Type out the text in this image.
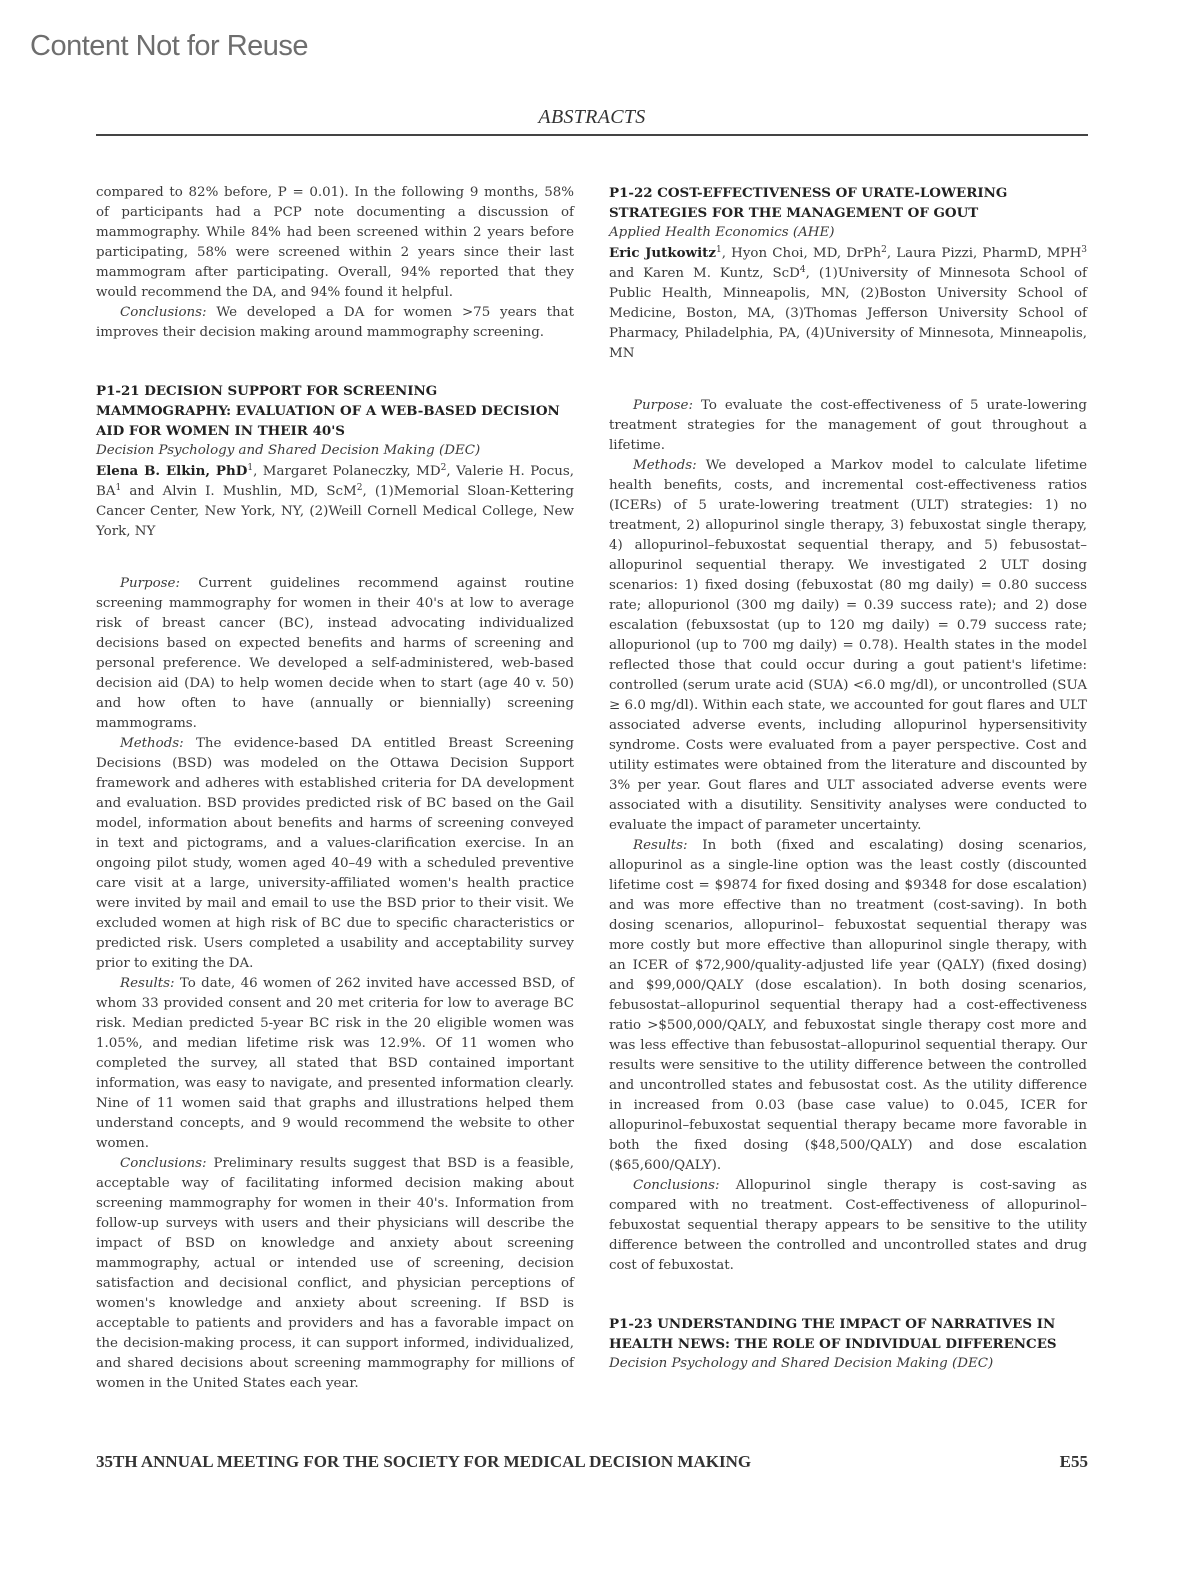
Content Not for Reuse
ABSTRACTS

compared to 82% before, P = 0.01). In the following 9 months, 58% of participants had a PCP note documenting a discussion of mammography. While 84% had been screened within 2 years before participating, 58% were screened within 2 years since their last mammogram after participating. Overall, 94% reported that they would recommend the DA, and 94% found it helpful.

Conclusions: We developed a DA for women >75 years that improves their decision making around mammography screening.

P1-21 DECISION SUPPORT FOR SCREENING MAMMOGRAPHY: EVALUATION OF A WEB-BASED DECISION AID FOR WOMEN IN THEIR 40'S

Decision Psychology and Shared Decision Making (DEC)

Elena B. Elkin, PhD$^1$, Margaret Polaneczky, $MD^2$, Valerie H. Pocus, $BA^1$ and Alvin I. Mushlin, MD, ScM$^2$, (1)Memorial Sloan-Kettering Cancer Center, New York, NY, (2)Weill Cornell Medical College, New York, NY

Purpose: Current guidelines recommend against routine screening mammography for women in their 40's at low to average risk of breast cancer (BC), instead advocating individualized decisions based on expected benefits and harms of screening and personal preference. We developed a self-administered, web-based decision aid (DA) to help women decide when to start (age 40 v. 50) and how often to have (annually or biennially) screening mammograms.

Methods: The evidence-based DA entitled Breast Screening Decisions (BSD) was modeled on the Ottawa Decision Support framework and adheres with established criteria for DA development and evaluation. BSD provides predicted risk of BC based on the Gail model, information about benefits and harms of screening conveyed in text and pictograms, and a values-clarification exercise. In an ongoing pilot study, women aged 40–49 with a scheduled preventive care visit at a large, university-affiliated women's health practice were invited by mail and email to use the BSD prior to their visit. We excluded women at high risk of BC due to specific characteristics or predicted risk. Users completed a usability and acceptability survey prior to exiting the DA.

Results: To date, 46 women of 262 invited have accessed BSD, of whom 33 provided consent and 20 met criteria for low to average BC risk. Median predicted 5-year BC risk in the 20 eligible women was 1.05%, and median lifetime risk was 12.9%. Of 11 women who completed the survey, all stated that BSD contained important information, was easy to navigate, and presented information clearly. Nine of 11 women said that graphs and illustrations helped them understand concepts, and 9 would recommend the website to other women.

Conclusions: Preliminary results suggest that BSD is a feasible, acceptable way of facilitating informed decision making about screening mammography for women in their 40's. Information from follow-up surveys with users and their physicians will describe the impact of BSD on knowledge and anxiety about screening mammography, actual or intended use of screening, decision satisfaction and decisional conflict, and physician perceptions of women's knowledge and anxiety about screening. If BSD is acceptable to patients and providers and has a favorable impact on the decision-making process, it can support informed, individualized, and shared decisions about screening mammography for millions of women in the United States each year.

P1-22 COST-EFFECTIVENESS OF URATE-LOWERING STRATEGIES FOR THE MANAGEMENT OF GOUT

Applied Health Economics (AHE)

Eric Jutkowitz$^1$, Hyon Choi, MD, DrPh$^2$, Laura Pizzi, PharmD, MPH$^3$ and Karen M. Kuntz, ScD$^4$, (1)University of Minnesota School of Public Health, Minneapolis, MN, (2)Boston University School of Medicine, Boston, MA, (3)Thomas Jefferson University School of Pharmacy, Philadelphia, PA, (4)University of Minnesota, Minneapolis, MN

Purpose: To evaluate the cost-effectiveness of 5 urate-lowering treatment strategies for the management of gout throughout a lifetime.

Methods: We developed a Markov model to calculate lifetime health benefits, costs, and incremental cost-effectiveness ratios (ICERs) of 5 urate-lowering treatment (ULT) strategies: 1) no treatment, 2) allopurinol single therapy, 3) febuxostat single therapy, 4) allopurinol–febuxostat sequential therapy, and 5) febusostat–allopurinol sequential therapy. We investigated 2 ULT dosing scenarios: 1) fixed dosing (febuxostat (80 mg daily) = 0.80 success rate; allopurionol (300 mg daily) = 0.39 success rate); and 2) dose escalation (febuxsostat (up to 120 mg daily) = 0.79 success rate; allopurionol (up to 700 mg daily) = 0.78). Health states in the model reflected those that could occur during a gout patient's lifetime: controlled (serum urate acid (SUA) <6.0 mg/dl), or uncontrolled (SUA ≥ 6.0 mg/dl). Within each state, we accounted for gout flares and ULT associated adverse events, including allopurinol hypersensitivity syndrome. Costs were evaluated from a payer perspective. Cost and utility estimates were obtained from the literature and discounted by 3% per year. Gout flares and ULT associated adverse events were associated with a disutility. Sensitivity analyses were conducted to evaluate the impact of parameter uncertainty.

Results: In both (fixed and escalating) dosing scenarios, allopurinol as a single-line option was the least costly (discounted lifetime cost = $9874 for fixed dosing and $9348 for dose escalation) and was more effective than no treatment (cost-saving). In both dosing scenarios, allopurinol– febuxostat sequential therapy was more costly but more effective than allopurinol single therapy, with an ICER of $72,900/quality-adjusted life year (QALY) (fixed dosing) and $99,000/QALY (dose escalation). In both dosing scenarios, febusostat–allopurinol sequential therapy had a cost-effectiveness ratio >$500,000/QALY, and febuxostat single therapy cost more and was less effective than febusostat–allopurinol sequential therapy. Our results were sensitive to the utility difference between the controlled and uncontrolled states and febusostat cost. As the utility difference in increased from 0.03 (base case value) to 0.045, ICER for allopurinol–febuxostat sequential therapy became more favorable in both the fixed dosing ($48,500/QALY) and dose escalation ($65,600/QALY).

Conclusions: Allopurinol single therapy is cost-saving as compared with no treatment. Cost-effectiveness of allopurinol–febuxostat sequential therapy appears to be sensitive to the utility difference between the controlled and uncontrolled states and drug cost of febuxostat.

P1-23 UNDERSTANDING THE IMPACT OF NARRATIVES IN HEALTH NEWS: THE ROLE OF INDIVIDUAL DIFFERENCES

Decision Psychology and Shared Decision Making (DEC)

35TH ANNUAL MEETING FOR THE SOCIETY FOR MEDICAL DECISION MAKING	E55
